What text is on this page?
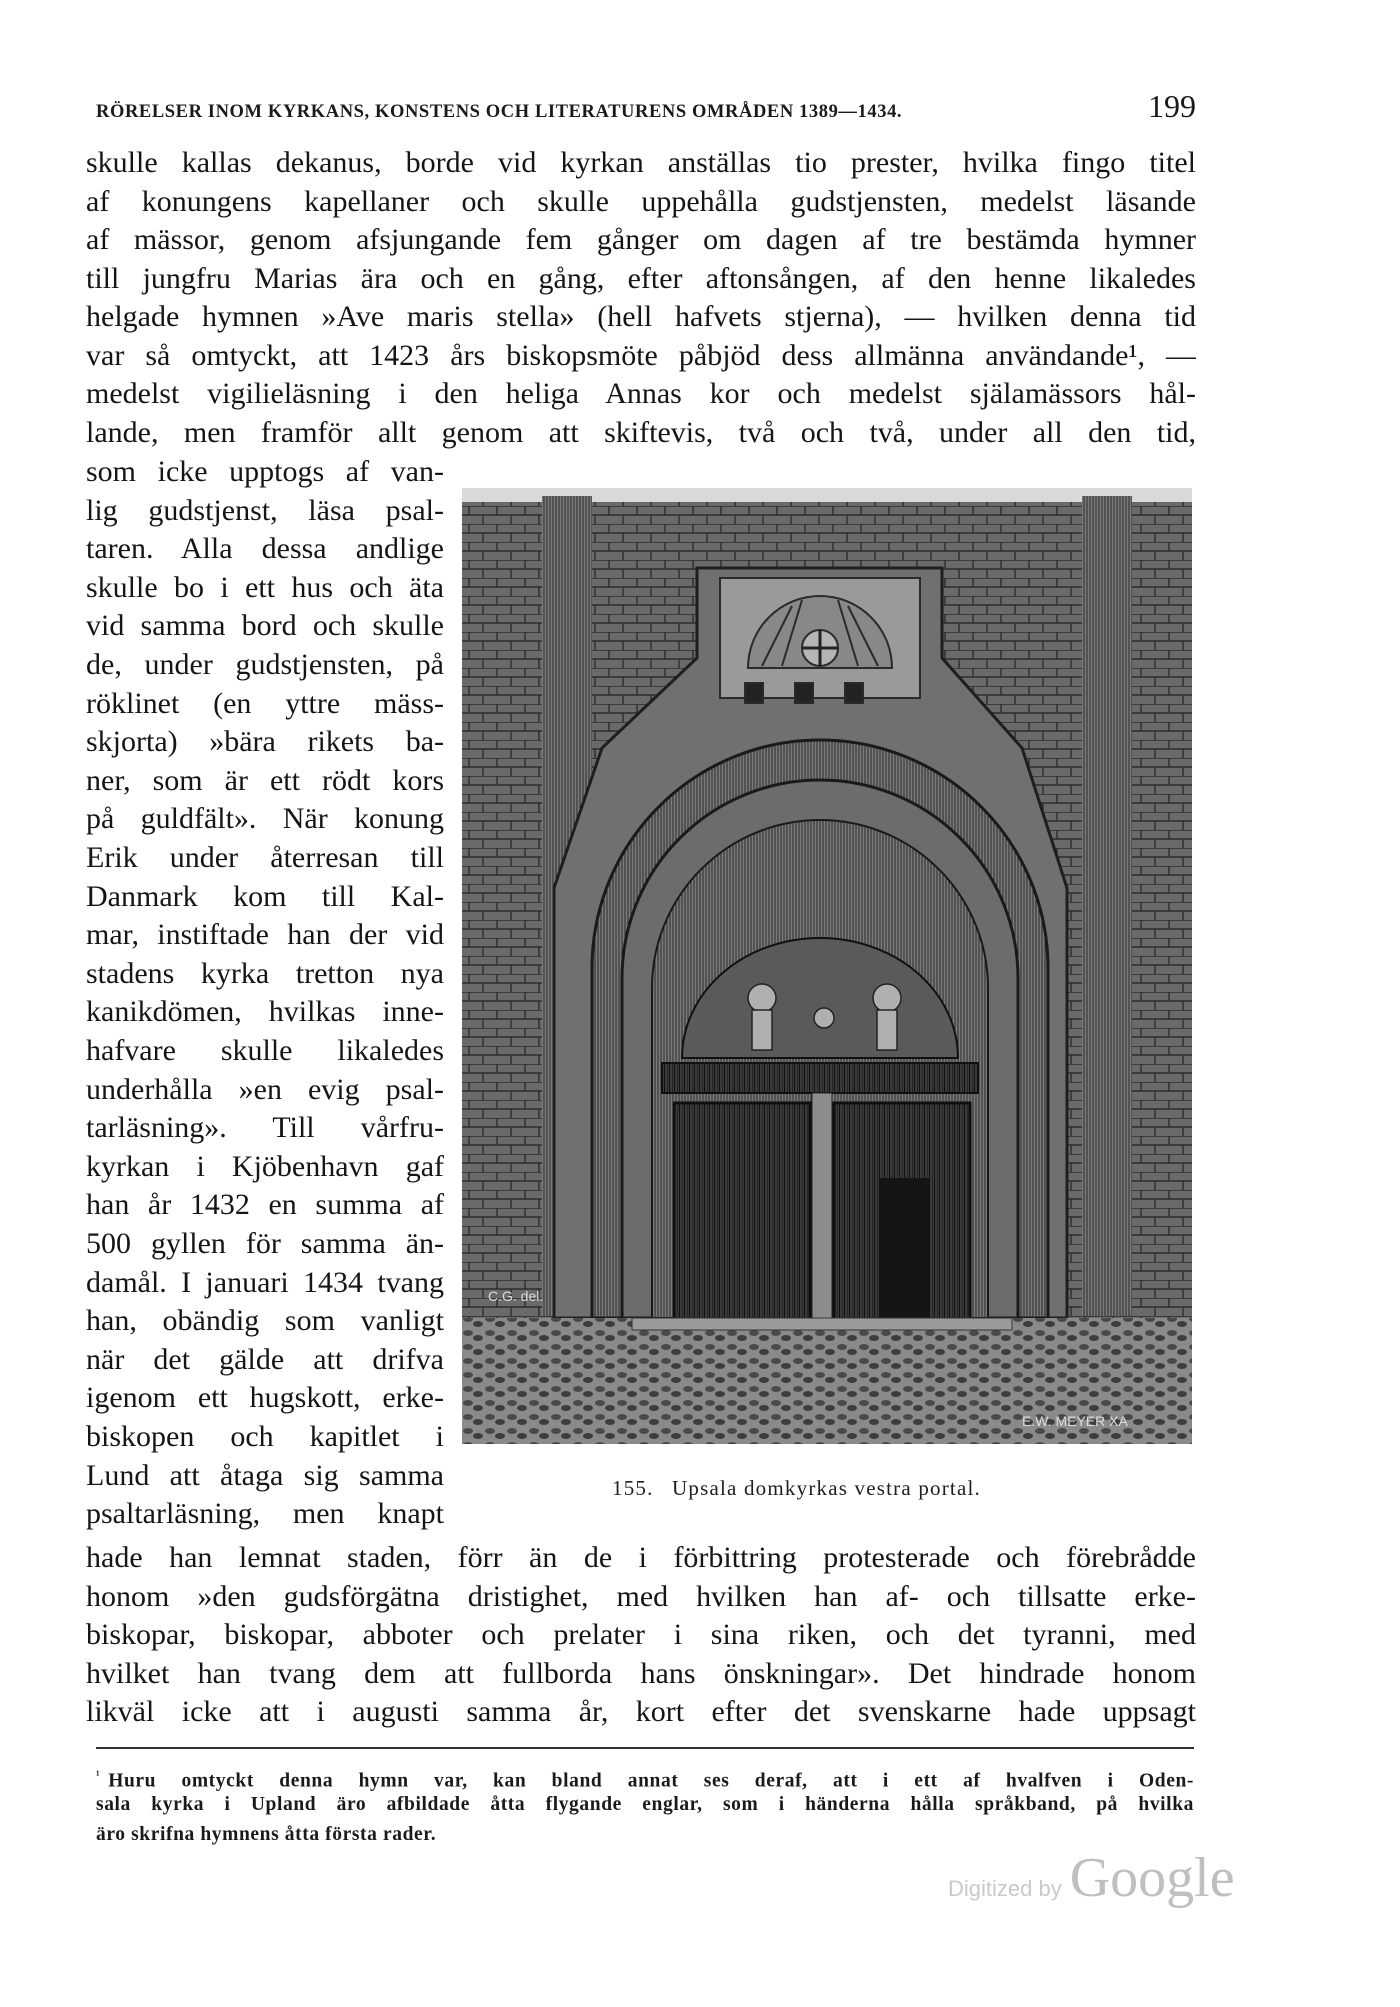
RÖRELSER INOM KYRKANS, KONSTENS OCH LITERATURENS OMRÅDEN 1389—1434.	199
skulle kallas dekanus, borde vid kyrkan anställas tio prester, hvilka fingo titel
af konungens kapellaner och skulle uppehålla gudstjensten, medelst läsande
af mässor, genom afsjungande fem gånger om dagen af tre bestämda hymner
till jungfru Marias ära och en gång, efter aftonsången, af den henne likaledes
helgade hymnen »Ave maris stella» (hell hafvets stjerna), — hvilken denna tid
var så omtyckt, att 1423 års biskopsmöte påbjöd dess allmänna användande¹, —
medelst vigilieläsning i den heliga Annas kor och medelst själamässors hål-
lande, men framför allt genom att skiftevis, två och två, under all den tid,
som icke upptogs af van-
lig gudstjenst, läsa psal-
taren. Alla dessa andlige
skulle bo i ett hus och äta
vid samma bord och skulle
de, under gudstjensten, på
röklinet (en yttre mäss-
skjorta) »bära rikets ba-
ner, som är ett rödt kors
på guldfält». När konung
Erik under återresan till
Danmark kom till Kal-
mar, instiftade han der vid
stadens kyrka tretton nya
kanikdömen, hvilkas inne-
hafvare skulle likaledes
underhålla »en evig psal-
tarläsning». Till vårfru-
kyrkan i Kjöbenhavn gaf
han år 1432 en summa af
500 gyllen för samma än-
damål. I januari 1434 tvang
han, obändig som vanligt
när det gälde att drifva
igenom ett hugskott, erke-
biskopen och kapitlet i
Lund att åtaga sig samma
psaltarläsning, men knapt
hade han lemnat staden, förr än de i förbittring protesterade och förebrådde
honom »den gudsförgätna dristighet, med hvilken han af- och tillsatte erke-
biskopar, biskopar, abboter och prelater i sina riken, och det tyranni, med
hvilket han tvang dem att fullborda hans önskningar». Det hindrade honom
likväl icke att i augusti samma år, kort efter det svenskarne hade uppsagt
C.G. del.
E.W. MEYER XA
155. Upsala domkyrkas vestra portal.
$^{^1}$ Huru omtyckt denna hymn var, kan bland annat ses deraf, att i ett af hvalfven i Oden-
sala kyrka i Upland äro afbildade åtta flygande englar, som i händerna hålla språkband, på hvilka
äro skrifna hymnens åtta första rader.
Digitized by Google
